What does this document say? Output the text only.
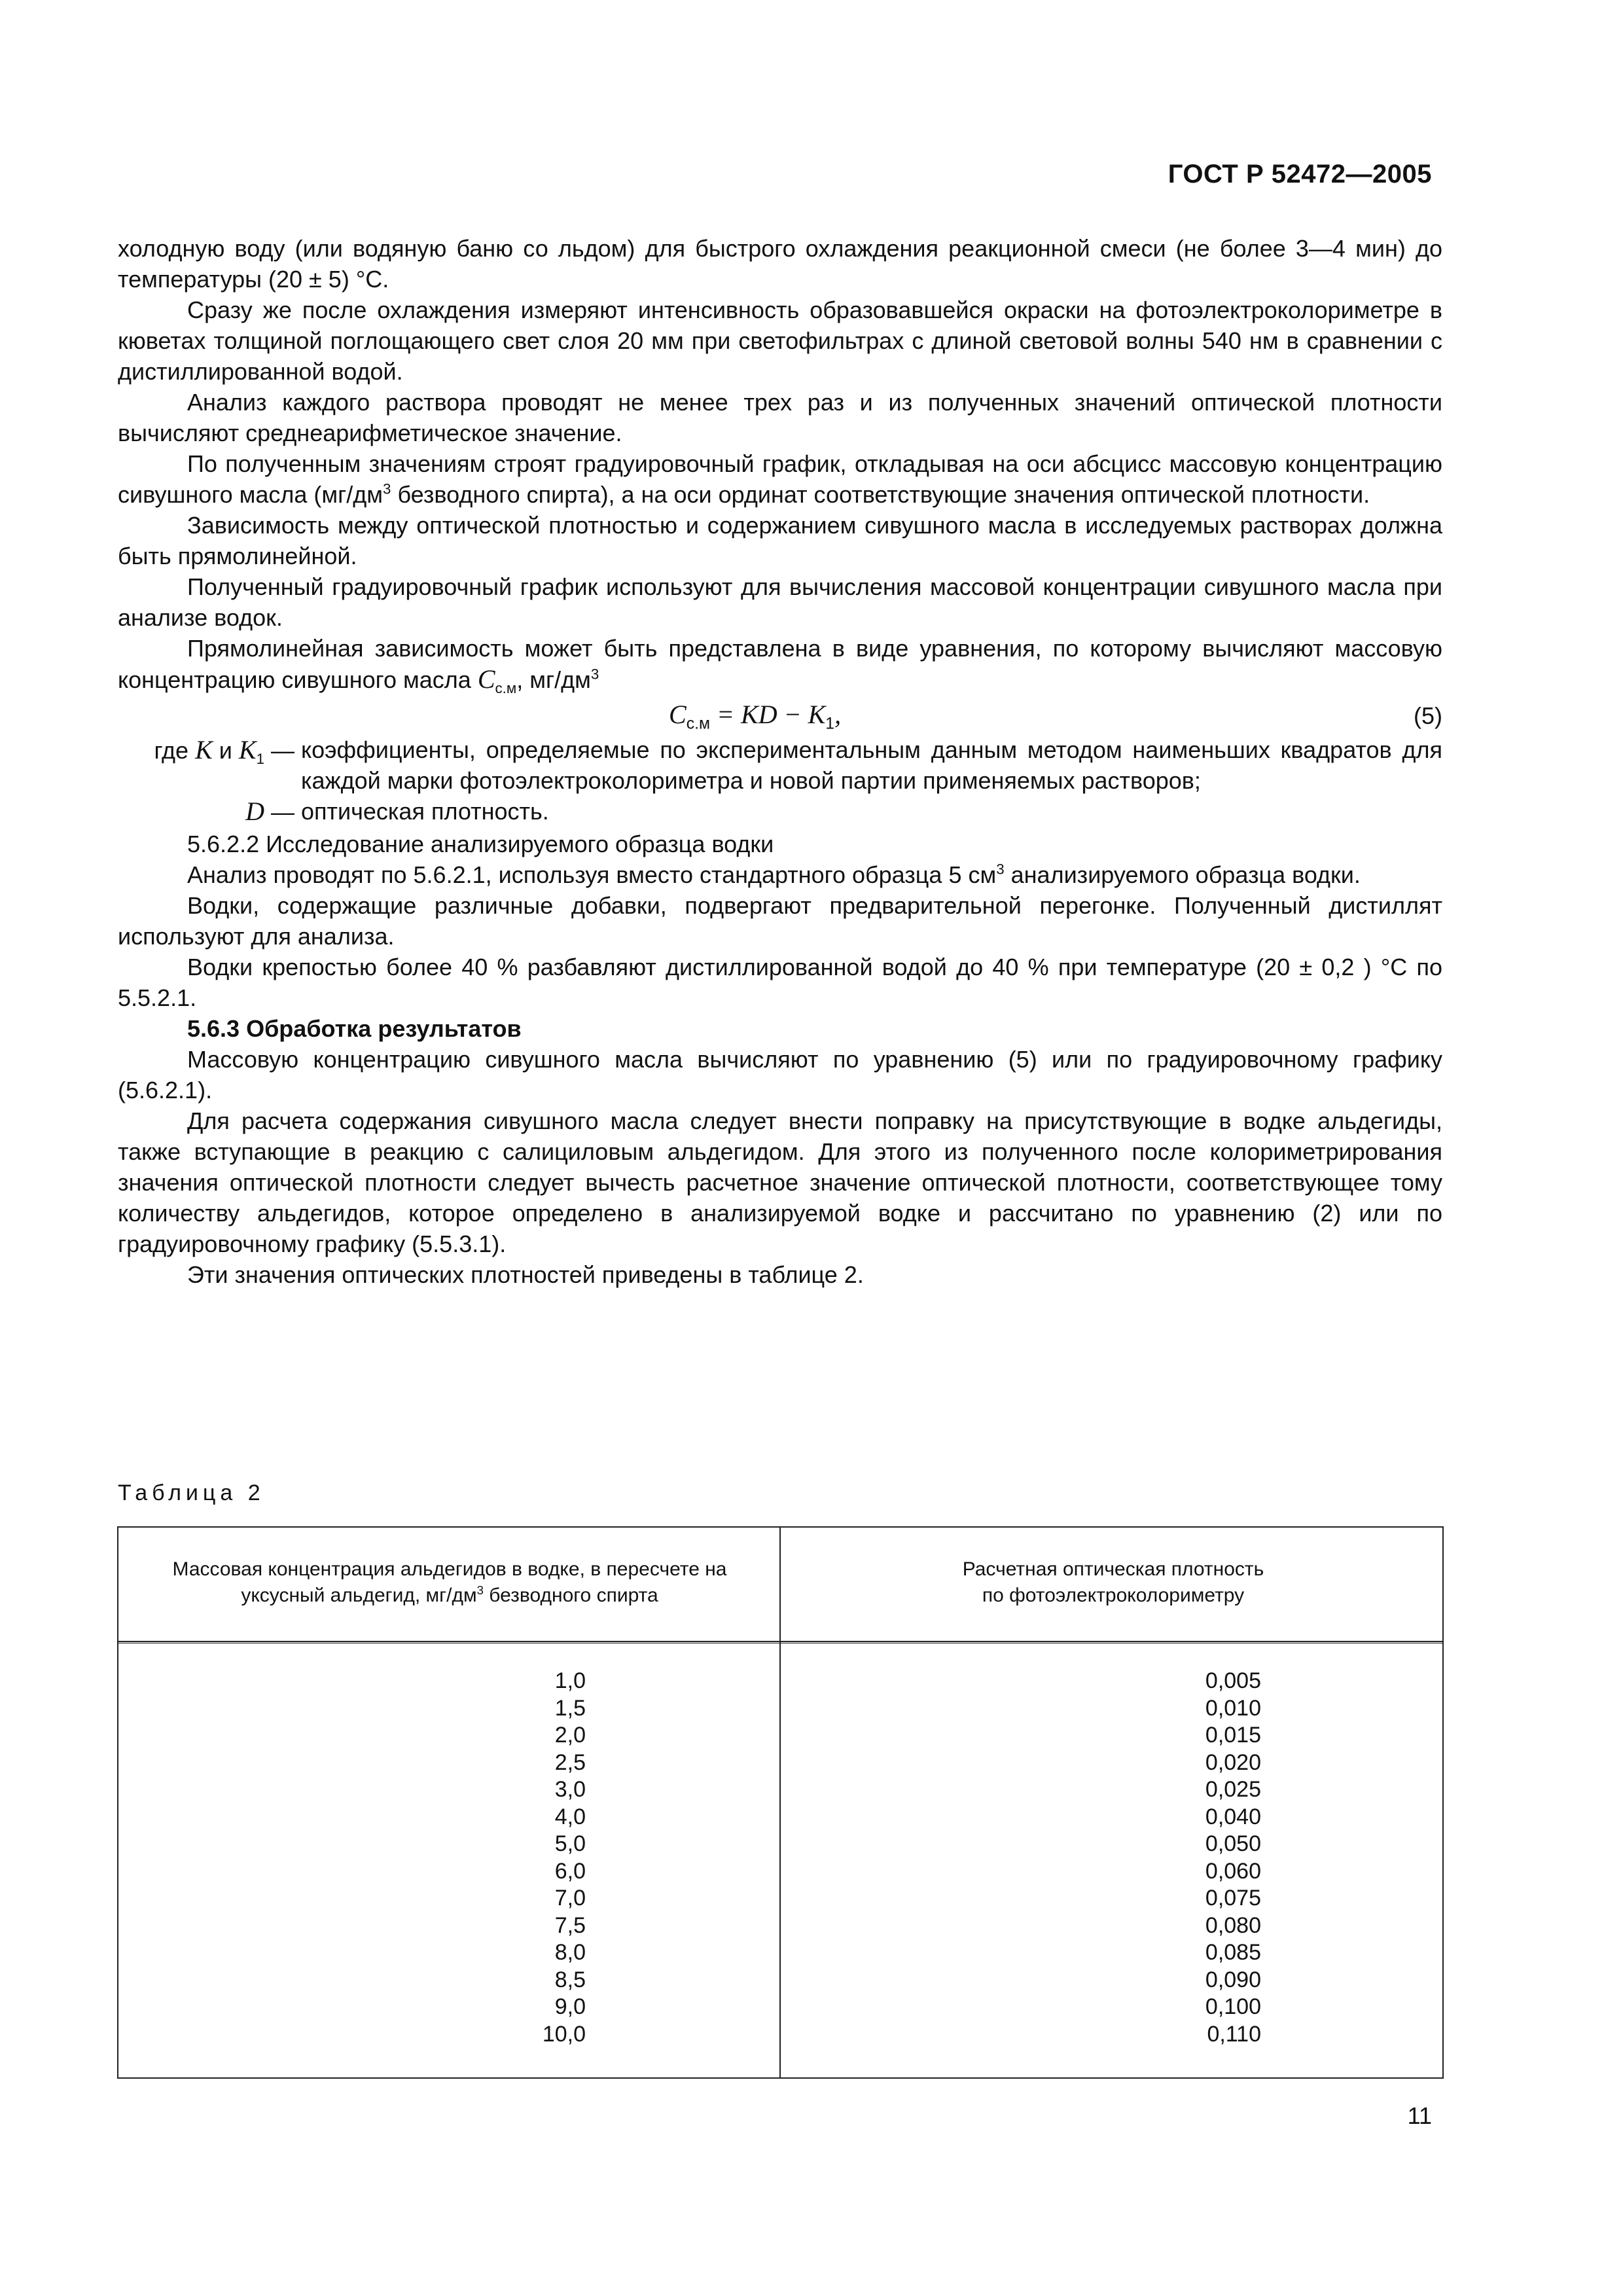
ГОСТ Р 52472—2005

холодную воду (или водяную баню со льдом) для быстрого охлаждения реакционной смеси (не более 3—4 мин) до температуры (20 ± 5) °С.

Сразу же после охлаждения измеряют интенсивность образовавшейся окраски на фотоэлектроколориметре в кюветах толщиной поглощающего свет слоя 20 мм при светофильтрах с длиной световой волны 540 нм в сравнении с дистиллированной водой.

Анализ каждого раствора проводят не менее трех раз и из полученных значений оптической плотности вычисляют среднеарифметическое значение.

По полученным значениям строят градуировочный график, откладывая на оси абсцисс массовую концентрацию сивушного масла ($мг/дм^3$ безводного спирта), а на оси ординат соответствующие значения оптической плотности.

Зависимость между оптической плотностью и содержанием сивушного масла в исследуемых растворах должна быть прямолинейной.

Полученный градуировочный график используют для вычисления массовой концентрации сивушного масла при анализе водок.

Прямолинейная зависимость может быть представлена в виде уравнения, по которому вычисляют массовую концентрацию сивушного масла $C_{с.м}$, $мг/дм^3$

$C_{с.м}$ = KD − $K_1$,	(5)
где K и $K_1$ — коэффициенты, определяемые по экспериментальным данным методом наименьших квадратов для каждой марки фотоэлектроколориметра и новой партии применяемых растворов;
D — оптическая плотность.

5.6.2.2 Исследование анализируемого образца водки

Анализ проводят по 5.6.2.1, используя вместо стандартного образца 5 $см^3$ анализируемого образца водки.

Водки, содержащие различные добавки, подвергают предварительной перегонке. Полученный дистиллят используют для анализа.

Водки крепостью более 40 % разбавляют дистиллированной водой до 40 % при температуре (20 ± 0,2 ) °С по 5.5.2.1.

5.6.3 Обработка результатов

Массовую концентрацию сивушного масла вычисляют по уравнению (5) или по градуировочному графику (5.6.2.1).

Для расчета содержания сивушного масла следует внести поправку на присутствующие в водке альдегиды, также вступающие в реакцию с салициловым альдегидом. Для этого из полученного после колориметрирования значения оптической плотности следует вычесть расчетное значение оптической плотности, соответствующее тому количеству альдегидов, которое определено в анализируемой водке и рассчитано по уравнению (2) или по градуировочному графику (5.5.3.1).

Эти значения оптических плотностей приведены в таблице 2.

Таблица 2
Массовая концентрация альдегидов в водке, в пересчете на уксусный альдегид, $мг/дм^3$ безводного спирта
Расчетная оптическая плотность
по фотоэлектроколориметру
1,0
1,5
2,0
2,5
3,0
4,0
5,0
6,0
7,0
7,5
8,0
8,5
9,0
10,0
0,005
0,010
0,015
0,020
0,025
0,040
0,050
0,060
0,075
0,080
0,085
0,090
0,100
0,110
11
